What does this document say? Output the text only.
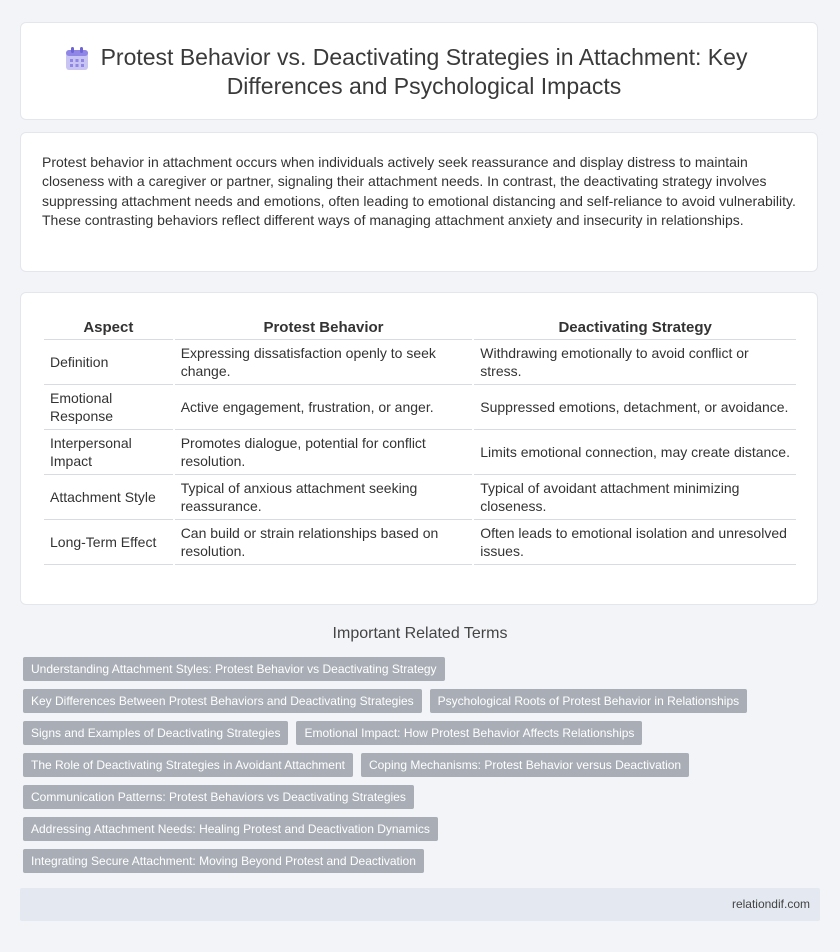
Protest Behavior vs. Deactivating Strategies in Attachment: Key Differences and Psychological Impacts

Protest behavior in attachment occurs when individuals actively seek reassurance and display distress to maintain closeness with a caregiver or partner, signaling their attachment needs. In contrast, the deactivating strategy involves suppressing attachment needs and emotions, often leading to emotional distancing and self-reliance to avoid vulnerability. These contrasting behaviors reflect different ways of managing attachment anxiety and insecurity in relationships.

Aspect	Protest Behavior	Deactivating Strategy
Definition	Expressing dissatisfaction openly to seek change.	Withdrawing emotionally to avoid conflict or stress.
Emotional Response	Active engagement, frustration, or anger.	Suppressed emotions, detachment, or avoidance.
Interpersonal Impact	Promotes dialogue, potential for conflict resolution.	Limits emotional connection, may create distance.
Attachment Style	Typical of anxious attachment seeking reassurance.	Typical of avoidant attachment minimizing closeness.
Long-Term Effect	Can build or strain relationships based on resolution.	Often leads to emotional isolation and unresolved issues.
Important Related Terms
Understanding Attachment Styles: Protest Behavior vs Deactivating Strategy
Key Differences Between Protest Behaviors and Deactivating Strategies	Psychological Roots of Protest Behavior in Relationships
Signs and Examples of Deactivating Strategies	Emotional Impact: How Protest Behavior Affects Relationships
The Role of Deactivating Strategies in Avoidant Attachment	Coping Mechanisms: Protest Behavior versus Deactivation
Communication Patterns: Protest Behaviors vs Deactivating Strategies
Addressing Attachment Needs: Healing Protest and Deactivation Dynamics
Integrating Secure Attachment: Moving Beyond Protest and Deactivation
relationdif.com
